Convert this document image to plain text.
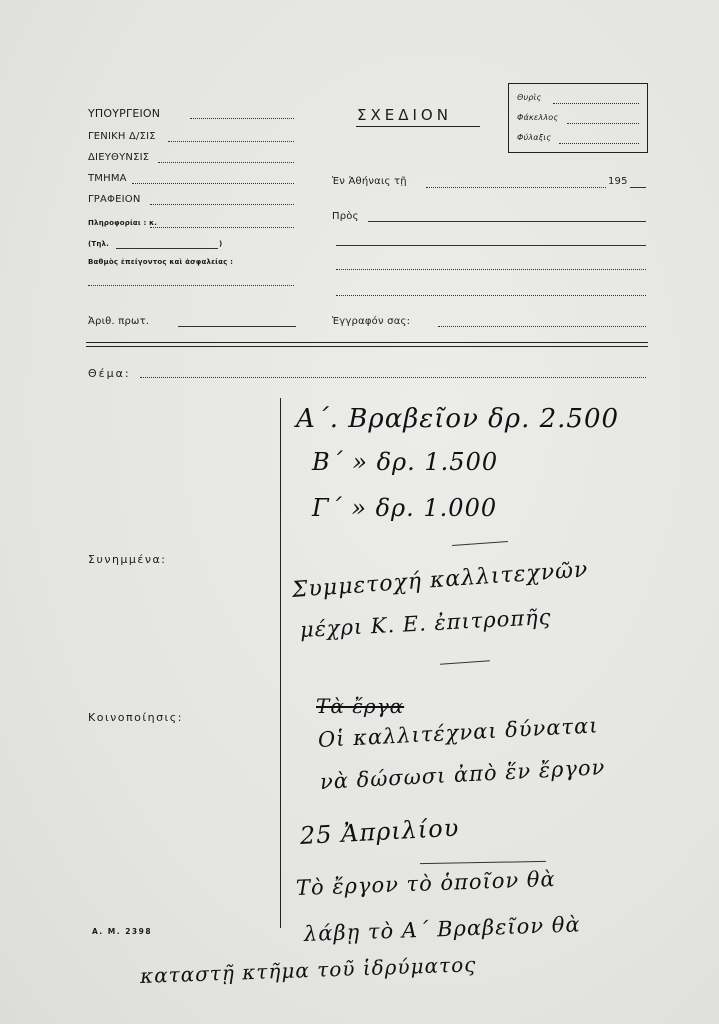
ΥΠΟΥΡΓΕΙΟΝ
ΓΕΝΙΚΗ Δ/ΣΙΣ
ΔΙΕΥΘΥΝΣΙΣ
ΤΜΗΜΑ
ΓΡΑΦΕΙΟΝ
Πληροφορίαι : κ.
(Τηλ.	)
Βαθμὸς ἐπείγοντος καὶ ἀσφαλείας :
ΣΧΕΔΙΟΝ
Θυρὶς
Φάκελλος
Φύλαξις
Ἐν Ἀθήναις τῇ	195
Πρὸς
Ἀριθ. πρωτ.	Ἐγγραφόν σας:
Θέμα:
Συνημμένα:
Κοινοποίησις:
Α. Μ. 2398
Α΄. Βραβεῖον δρ. 2.500
Β΄ » δρ. 1.500
Γ΄ » δρ. 1.000
Συμμετοχή καλλιτεχνῶν
μέχρι Κ. Ε. ἐπιτροπῆς
Τὰ ἔργα
Οἱ καλλιτέχναι δύναται
νὰ δώσωσι ἀπὸ ἕν ἔργον
25 Ἀπριλίου
Τὸ ἔργον τὸ ὁποῖον θὰ
λάβῃ τὸ Α΄ Βραβεῖον θὰ
καταστῇ κτῆμα τοῦ ἱδρύματος
